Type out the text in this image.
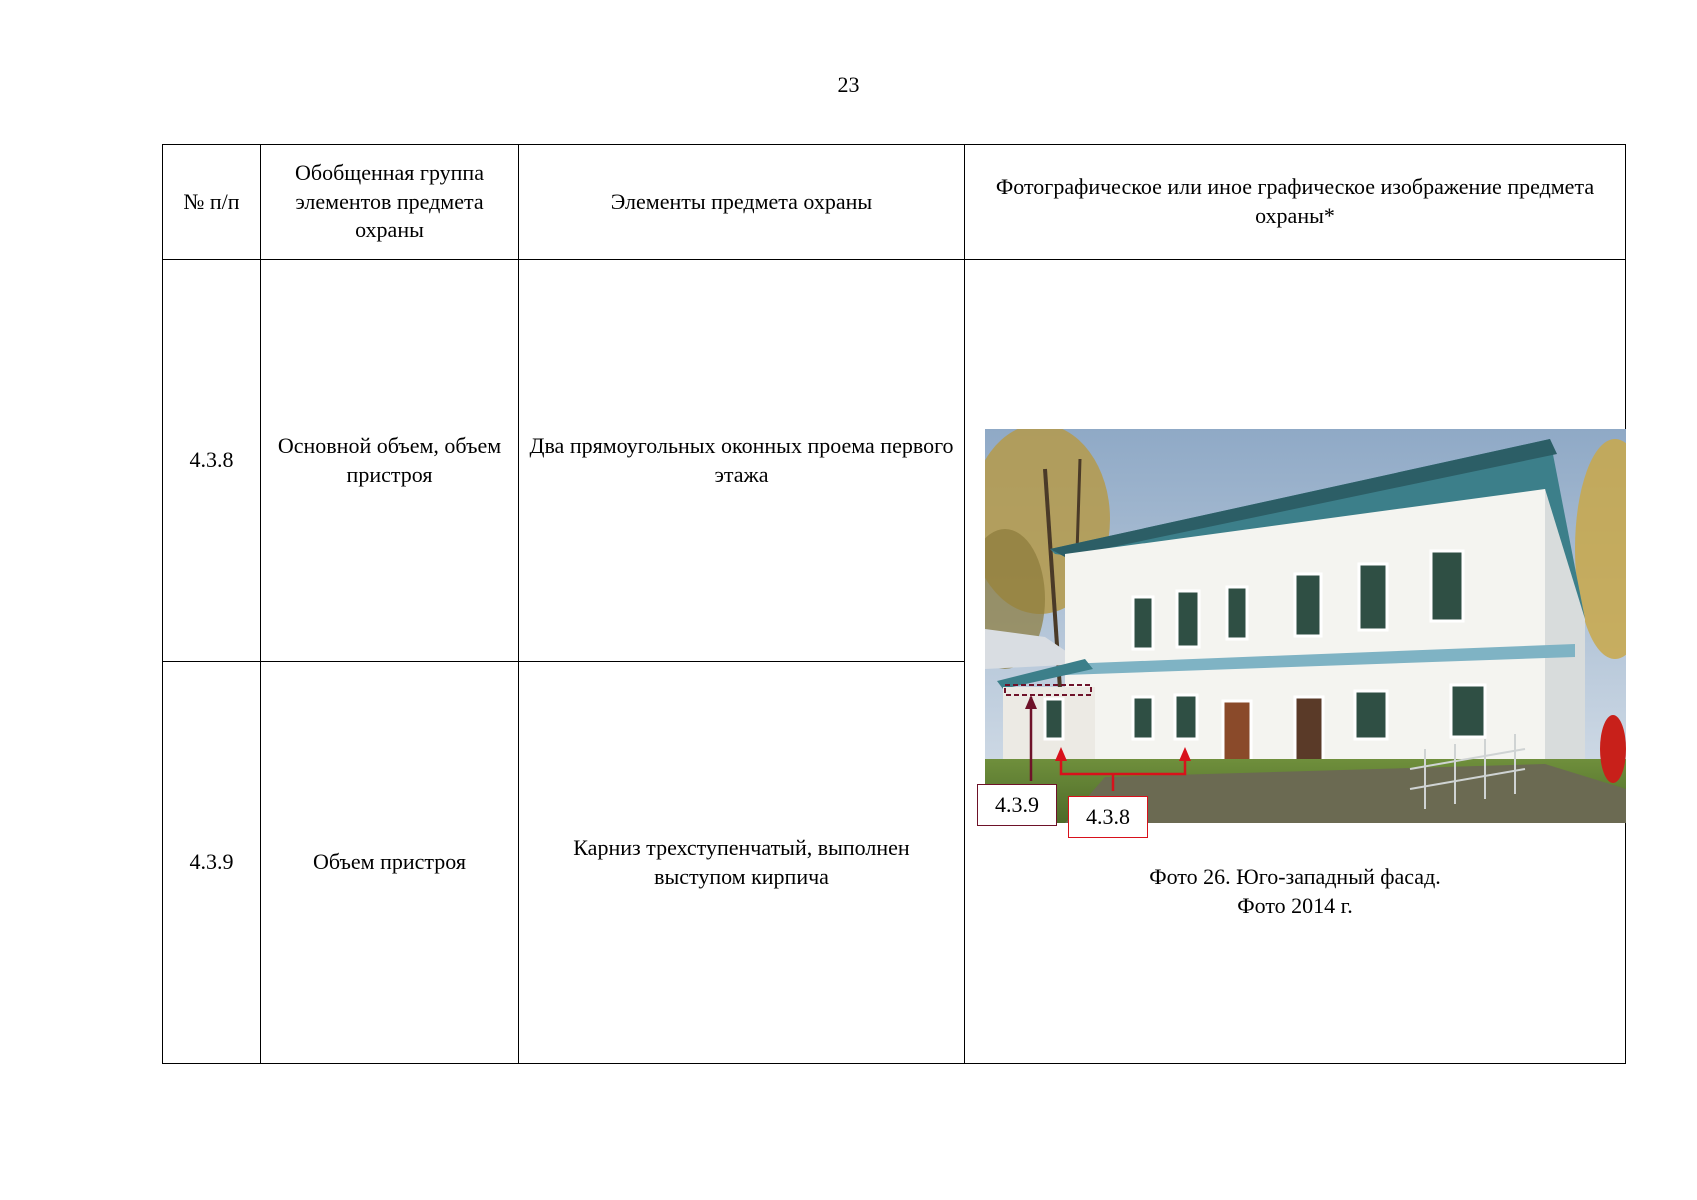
23
№ п/п	Обобщенная группа элементов предмета охраны	Элементы предмета охраны	Фотографическое или иное графическое изображение предмета охраны*
4.3.8	Основной объем, объем пристроя	Два прямоугольных оконных проема первого этажа	4.3.9 4.3.8
Фото 26. Юго-западный фасад.
Фото 2014 г.

4.3.9	Объем пристроя	Карниз трехступенчатый, выполнен выступом кирпича	
